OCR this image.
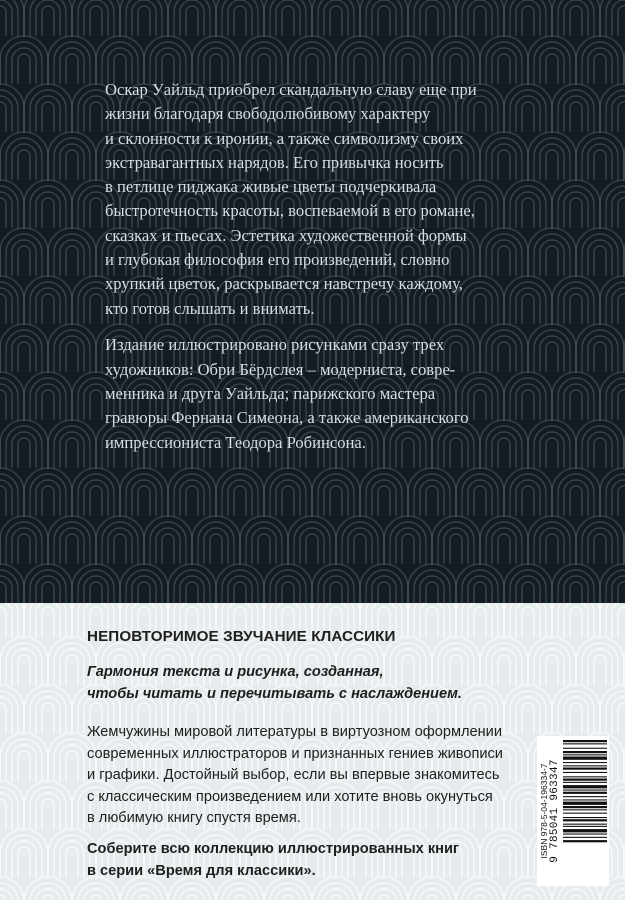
Оскар Уайльд приобрел скандальную славу еще при
жизни благодаря свободолюбивому характеру
и склонности к иронии, а также символизму своих
экстравагантных нарядов. Его привычка носить
в петлице пиджака живые цветы подчеркивала
быстротечность красоты, воспеваемой в его романе,
сказках и пьесах. Эстетика художественной формы
и глубокая философия его произведений, словно
хрупкий цветок, раскрывается навстречу каждому,
кто готов слышать и внимать.

Издание иллюстрировано рисунками сразу трех
художников: Обри Бёрдслея – модерниста, совре-
менника и друга Уайльда; парижского мастера
гравюры Фернана Симеона, а также американского
импрессиониста Теодора Робинсона.

НЕПОВТОРИМОЕ ЗВУЧАНИЕ КЛАССИКИ
Гармония текста и рисунка, созданная,
чтобы читать и перечитывать с наслаждением.
Жемчужины мировой литературы в виртуозном оформлении
современных иллюстраторов и признанных гениев живописи
и графики. Достойный выбор, если вы впервые знакомитесь
с классическим произведением или хотите вновь окунуться
в любимую книгу спустя время.
Соберите всю коллекцию иллюстрированных книг
в серии «Время для классики».
ISBN 978-5-04-196334-7 9 785041 963347
